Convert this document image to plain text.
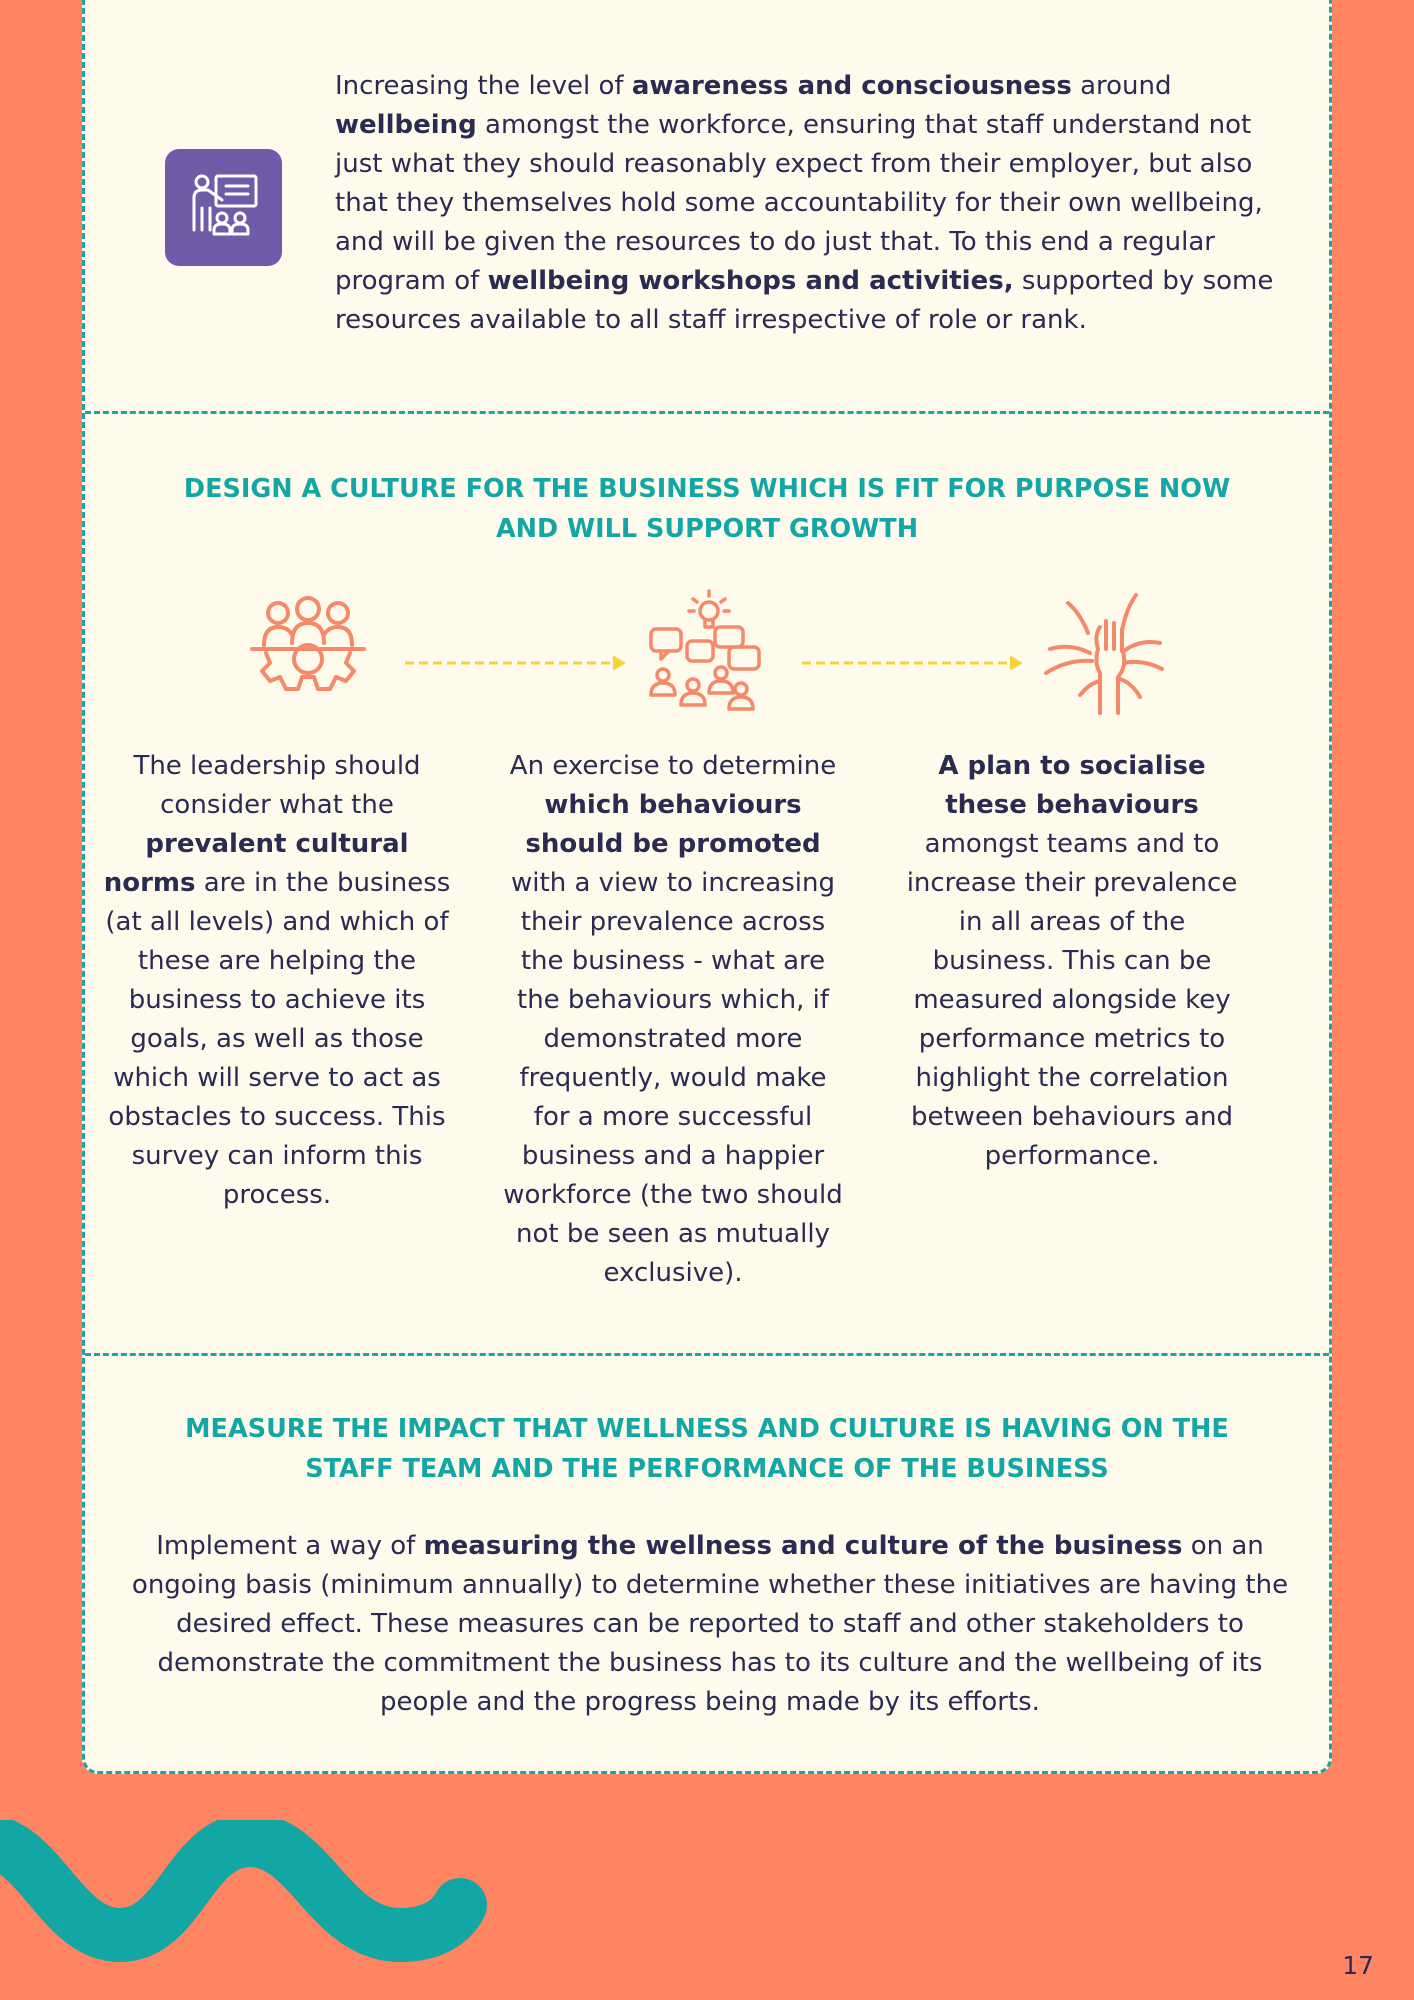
Increasing the level of awareness and consciousness around wellbeing amongst the workforce, ensuring that staff understand not just what they should reasonably expect from their employer, but also that they themselves hold some accountability for their own wellbeing, and will be given the resources to do just that. To this end a regular program of wellbeing workshops and activities, supported by some resources available to all staff irrespective of role or rank.

DESIGN A CULTURE FOR THE BUSINESS WHICH IS FIT FOR PURPOSE NOW
AND WILL SUPPORT GROWTH

The leadership should consider what the prevalent cultural norms are in the business (at all levels) and which of these are helping the business to achieve its goals, as well as those which will serve to act as obstacles to success. This survey can inform this process.

An exercise to determine which behaviours should be promoted with a view to increasing their prevalence across the business - what are the behaviours which, if demonstrated more frequently, would make for a more successful business and a happier workforce (the two should not be seen as mutually exclusive).

A plan to socialise these behaviours amongst teams and to increase their prevalence in all areas of the business. This can be measured alongside key performance metrics to highlight the correlation between behaviours and performance.

MEASURE THE IMPACT THAT WELLNESS AND CULTURE IS HAVING ON THE
STAFF TEAM AND THE PERFORMANCE OF THE BUSINESS

Implement a way of measuring the wellness and culture of the business on an ongoing basis (minimum annually) to determine whether these initiatives are having the desired effect. These measures can be reported to staff and other stakeholders to demonstrate the commitment the business has to its culture and the wellbeing of its people and the progress being made by its efforts.

17
